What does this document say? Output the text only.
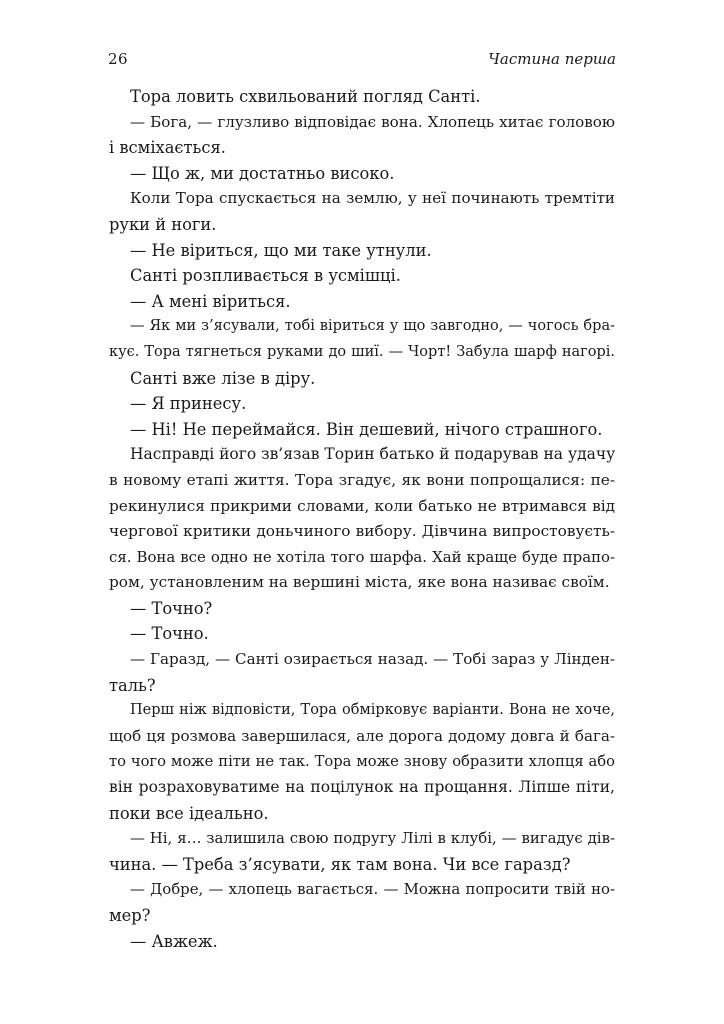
26	Частина перша
Тора ловить схвильований погляд Санті.
— Бога, — глузливо відповідає вона. Хлопець хитає головою
і всміхається.
— Що ж, ми достатньо високо.
Коли Тора спускається на землю, у неї починають тремтіти
руки й ноги.
— Не віриться, що ми таке утнули.
Санті розпливається в усмішці.
— А мені віриться.
— Як ми з’ясували, тобі віриться у що завгодно, — чогось бра-
кує. Тора тягнеться руками до шиї. — Чорт! Забула шарф нагорі.
Санті вже лізе в діру.
— Я принесу.
— Ні! Не переймайся. Він дешевий, нічого страшного.
Насправді його зв’язав Торин батько й подарував на удачу
в новому етапі життя. Тора згадує, як вони попрощалися: пе-
рекинулися прикрими словами, коли батько не втримався від
чергової критики доньчиного вибору. Дівчина випростовуєть-
ся. Вона все одно не хотіла того шарфа. Хай краще буде прапо-
ром, установленим на вершині міста, яке вона називає своїм.
— Точно?
— Точно.
— Гаразд, — Санті озирається назад. — Тобі зараз у Лінден-
таль?
Перш ніж відповісти, Тора обмірковує варіанти. Вона не хоче,
щоб ця розмова завершилася, але дорога додому довга й бага-
то чого може піти не так. Тора може знову образити хлопця або
він розраховуватиме на поцілунок на прощання. Ліпше піти,
поки все ідеально.
— Ні, я… залишила свою подругу Лілі в клубі, — вигадує дів-
чина. — Треба з’ясувати, як там вона. Чи все гаразд?
— Добре, — хлопець вагається. — Можна попросити твій но-
мер?
— Авжеж.
